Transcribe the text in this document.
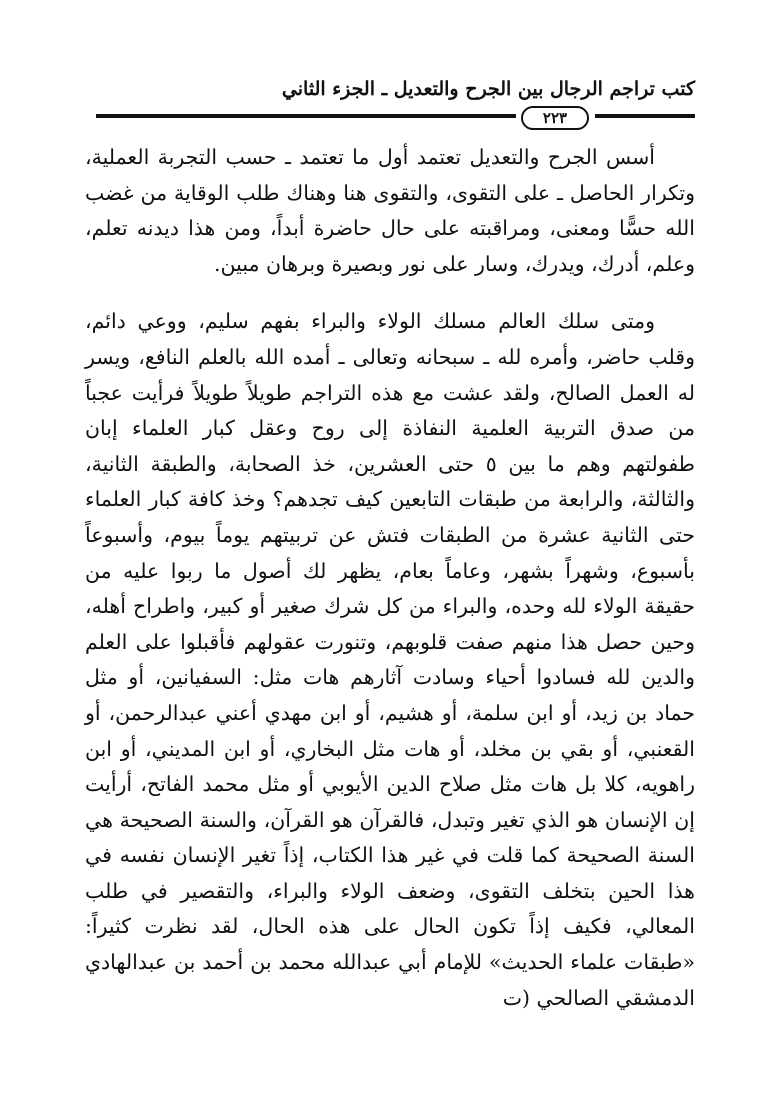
كتب تراجم الرجال بين الجرح والتعديل ـ الجزء الثاني
٢٢٣

أسس الجرح والتعديل تعتمد أول ما تعتمد ـ حسب التجربة العملية، وتكرار الحاصل ـ على التقوى، والتقوى هنا وهناك طلب الوقاية من غضب الله حسًّا ومعنى، ومراقبته على حال حاضرة أبداً، ومن هذا ديدنه تعلم، وعلم، أدرك، ويدرك، وسار على نور وبصيرة وبرهان مبين.

ومتى سلك العالم مسلك الولاء والبراء بفهم سليم، ووعي دائم، وقلب حاضر، وأمره لله ـ سبحانه وتعالى ـ أمده الله بالعلم النافع، ويسر له العمل الصالح، ولقد عشت مع هذه التراجم طويلاً طويلاً فرأيت عجباً من صدق التربية العلمية النفاذة إلى روح وعقل كبار العلماء إبان طفولتهم وهم ما بين ٥ حتى العشرين، خذ الصحابة، والطبقة الثانية، والثالثة، والرابعة من طبقات التابعين كيف تجدهم؟ وخذ كافة كبار العلماء حتى الثانية عشرة من الطبقات فتش عن تربيتهم يوماً بيوم، وأسبوعاً بأسبوع، وشهراً بشهر، وعاماً بعام، يظهر لك أصول ما ربوا عليه من حقيقة الولاء لله وحده، والبراء من كل شرك صغير أو كبير، واطراح أهله، وحين حصل هذا منهم صفت قلوبهم، وتنورت عقولهم فأقبلوا على العلم والدين لله فسادوا أحياء وسادت آثارهم هات مثل: السفيانين، أو مثل حماد بن زيد، أو ابن سلمة، أو هشيم، أو ابن مهدي أعني عبدالرحمن، أو القعنبي، أو بقي بن مخلد، أو هات مثل البخاري، أو ابن المديني، أو ابن راهويه، كلا بل هات مثل صلاح الدين الأيوبي أو مثل محمد الفاتح، أرأيت إن الإنسان هو الذي تغير وتبدل، فالقرآن هو القرآن، والسنة الصحيحة هي السنة الصحيحة كما قلت في غير هذا الكتاب، إذاً تغير الإنسان نفسه في هذا الحين بتخلف التقوى، وضعف الولاء والبراء، والتقصير في طلب المعالي، فكيف إذاً تكون الحال على هذه الحال، لقد نظرت كثيراً: «طبقات علماء الحديث» للإمام أبي عبدالله محمد بن أحمد بن عبدالهادي الدمشقي الصالحي (ت
